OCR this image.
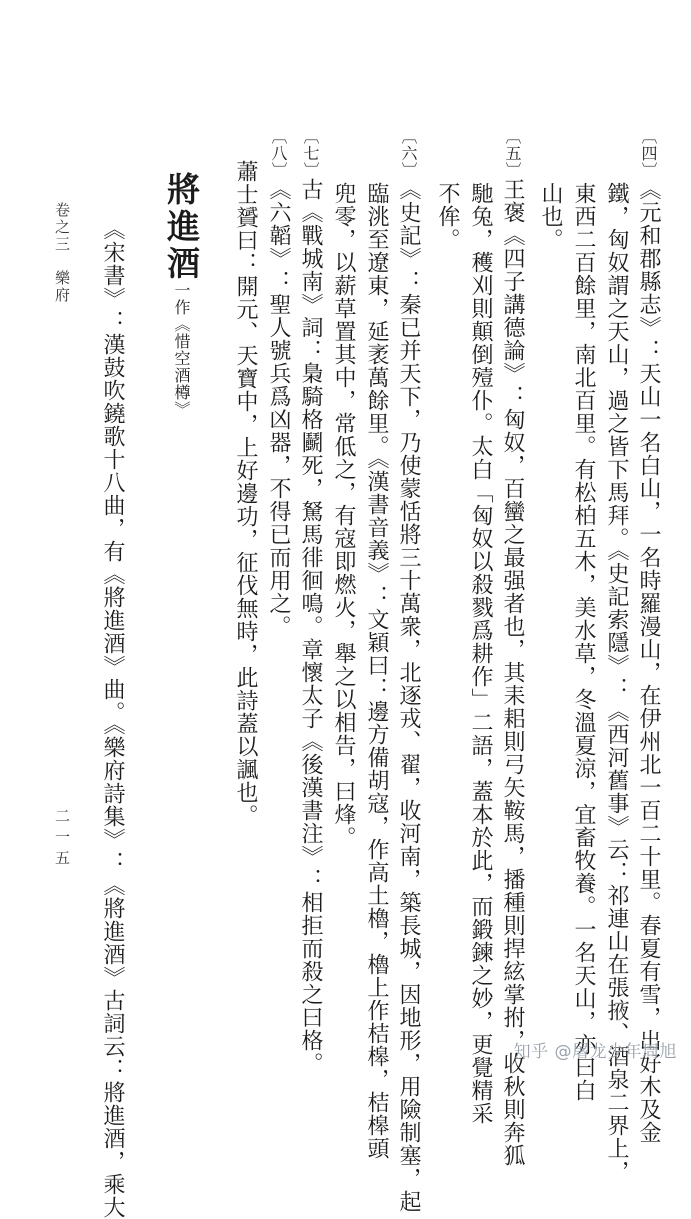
〔四〕
《元和郡縣志》：天山一名白山，一名時羅漫山，在伊州北一百二十里。春夏有雪，出好木及金
鐵，匈奴謂之天山，過之皆下馬拜。《史記索隱》：《西河舊事》云：祁連山在張掖、酒泉二界上，
東西二百餘里，南北百里。有松柏五木，美水草，冬溫夏涼，宜畜牧養。一名天山，亦曰白
山也。
〔五〕
王褒《四子講德論》：匈奴，百蠻之最强者也，其耒耜則弓矢鞍馬，播種則捍絃掌拊，收秋則奔狐
馳兔，穫刈則顛倒殪仆。太白「匈奴以殺戮爲耕作」二語，蓋本於此，而鍛鍊之妙，更覺精采
不侔。
〔六〕
《史記》：秦已并天下，乃使蒙恬將三十萬衆，北逐戎、翟，收河南，築長城，因地形，用險制塞，起
臨洮至遼東，延袤萬餘里。《漢書音義》：文穎曰：邊方備胡寇，作高土櫓，櫓上作桔槔，桔槔頭
兜零，以薪草置其中，常低之，有寇即燃火，舉之以相告，曰烽。
〔七〕
古《戰城南》詞：梟騎格鬬死，駑馬徘徊鳴。章懷太子《後漢書注》：相拒而殺之曰格。
〔八〕
《六韜》：聖人號兵爲凶器，不得已而用之。
蕭士贇曰：開元、天寶中，上好邊功，征伐無時，此詩蓋以諷也。
將進酒
一作《惜空酒樽》
《宋書》：漢鼓吹鐃歌十八曲，有《將進酒》曲。《樂府詩集》：《將進酒》古詞云：將進酒，乘大
卷之三　樂府
二一五
知乎 @屠龙少年周旭
